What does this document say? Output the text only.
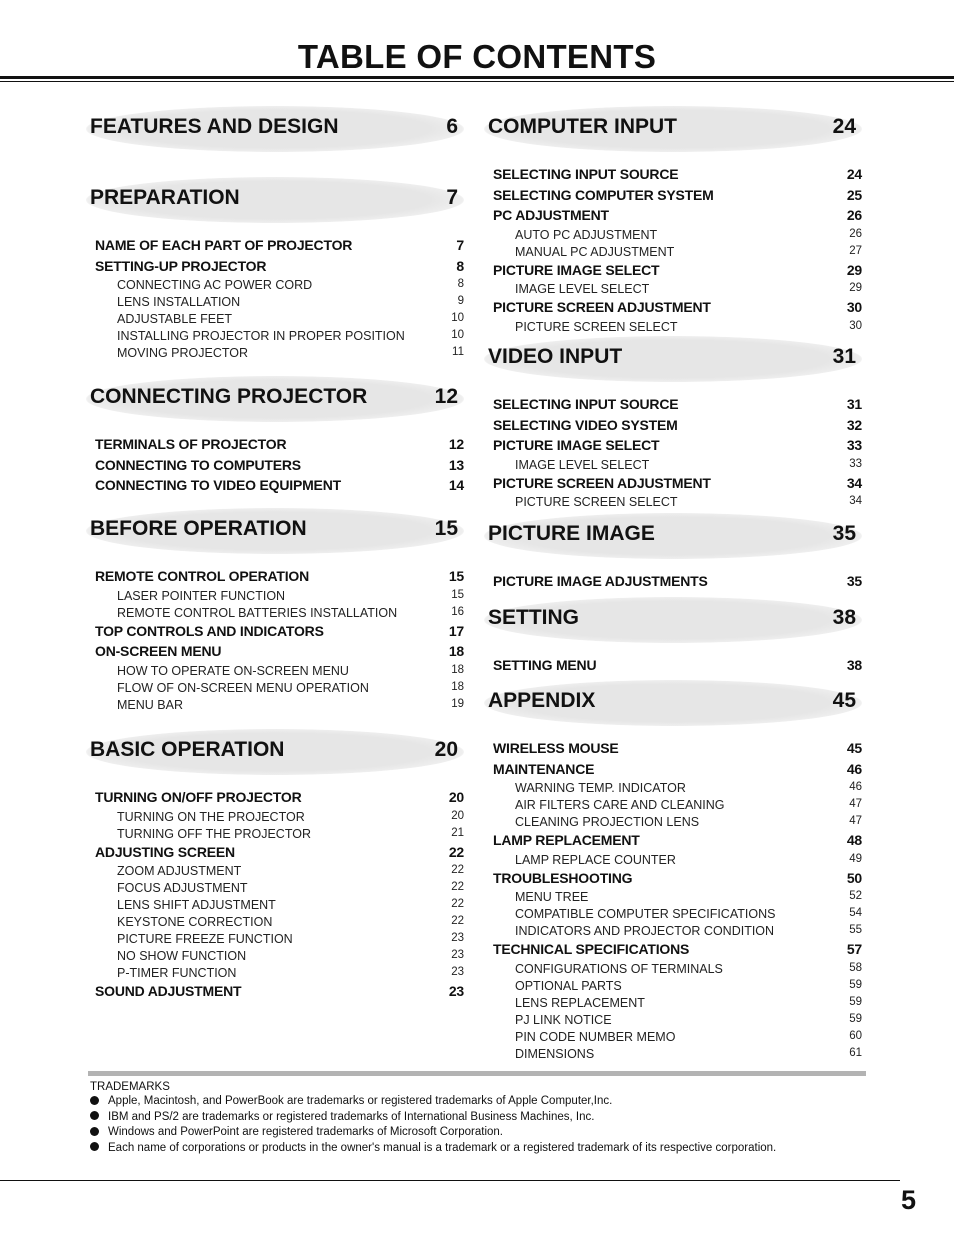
TABLE OF CONTENTS
FEATURES AND DESIGN	6
PREPARATION	7
NAME OF EACH PART OF PROJECTOR	7
SETTING-UP PROJECTOR	8
CONNECTING AC POWER CORD	8
LENS INSTALLATION	9
ADJUSTABLE FEET	10
INSTALLING PROJECTOR IN PROPER POSITION	10
MOVING PROJECTOR	11
CONNECTING PROJECTOR	12
TERMINALS OF PROJECTOR	12
CONNECTING TO COMPUTERS	13
CONNECTING TO VIDEO EQUIPMENT	14
BEFORE OPERATION	15
REMOTE CONTROL OPERATION	15
LASER POINTER FUNCTION	15
REMOTE CONTROL BATTERIES INSTALLATION	16
TOP CONTROLS AND INDICATORS	17
ON-SCREEN MENU	18
HOW TO OPERATE ON-SCREEN MENU	18
FLOW OF ON-SCREEN MENU OPERATION	18
MENU BAR	19
BASIC OPERATION	20
TURNING ON/OFF PROJECTOR	20
TURNING ON THE PROJECTOR	20
TURNING OFF THE PROJECTOR	21
ADJUSTING SCREEN	22
ZOOM ADJUSTMENT	22
FOCUS ADJUSTMENT	22
LENS SHIFT ADJUSTMENT	22
KEYSTONE CORRECTION	22
PICTURE FREEZE FUNCTION	23
NO SHOW FUNCTION	23
P-TIMER FUNCTION	23
SOUND ADJUSTMENT	23
COMPUTER INPUT	24
SELECTING INPUT SOURCE	24
SELECTING COMPUTER SYSTEM	25
PC ADJUSTMENT	26
AUTO PC ADJUSTMENT	26
MANUAL PC ADJUSTMENT	27
PICTURE IMAGE SELECT	29
IMAGE LEVEL SELECT	29
PICTURE SCREEN ADJUSTMENT	30
PICTURE SCREEN SELECT	30
VIDEO INPUT	31
SELECTING INPUT SOURCE	31
SELECTING VIDEO SYSTEM	32
PICTURE IMAGE SELECT	33
IMAGE LEVEL SELECT	33
PICTURE SCREEN ADJUSTMENT	34
PICTURE SCREEN SELECT	34
PICTURE IMAGE	35
PICTURE IMAGE ADJUSTMENTS	35
SETTING	38
SETTING MENU	38
APPENDIX	45
WIRELESS MOUSE	45
MAINTENANCE	46
WARNING TEMP. INDICATOR	46
AIR FILTERS CARE AND CLEANING	47
CLEANING PROJECTION LENS	47
LAMP REPLACEMENT	48
LAMP REPLACE COUNTER	49
TROUBLESHOOTING	50
MENU TREE	52
COMPATIBLE COMPUTER SPECIFICATIONS	54
INDICATORS AND PROJECTOR CONDITION	55
TECHNICAL SPECIFICATIONS	57
CONFIGURATIONS OF TERMINALS	58
OPTIONAL PARTS	59
LENS REPLACEMENT	59
PJ LINK NOTICE	59
PIN CODE NUMBER MEMO	60
DIMENSIONS	61
TRADEMARKS
Apple, Macintosh, and PowerBook are trademarks or registered trademarks of Apple Computer,Inc.
IBM and PS/2 are trademarks or registered trademarks of International Business Machines, Inc.
Windows and PowerPoint are registered trademarks of Microsoft Corporation.
Each name of corporations or products in the owner's manual is a trademark or a registered trademark of its respective corporation.
5
